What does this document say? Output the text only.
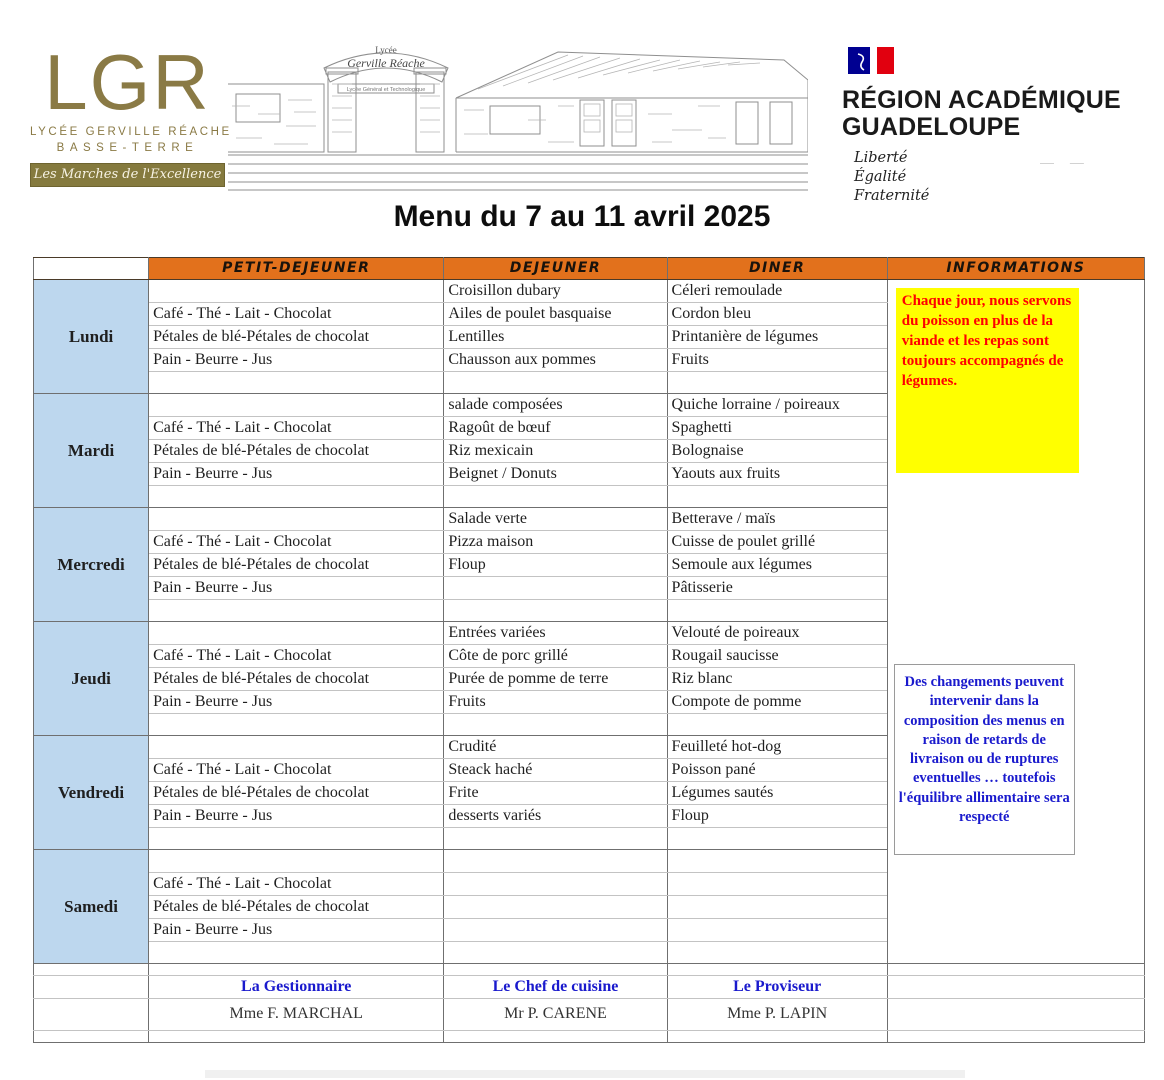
LGR
LYCÉE GERVILLE RÉACHE
BASSE-TERRE
Les Marches de l'Excellence
Lycée
Gerville Réache
Lycée Général et Technologique	RÉGION ACADÉMIQUE
GUADELOUPE
Liberté
Égalité
Fraternité
— —
Menu du 7 au 11 avril 2025
	PETIT-DEJEUNER	DEJEUNER	DINER	INFORMATIONS
Lundi		Croisillon dubary	Céleri remoulade	Chaque jour, nous servons du poisson en plus de la viande et les repas sont toujours accompagnés de légumes.
Des changements peuvent intervenir dans la composition des menus en raison de retards de livraison ou de ruptures eventuelles … toutefois l'équilibre allimentaire sera respecté

	Café - Thé - Lait - Chocolat	Ailes de poulet basquaise	Cordon bleu	
	Pétales de blé-Pétales de chocolat	Lentilles	Printanière de légumes	
	Pain - Beurre - Jus	Chausson aux pommes	Fruits	

Mardi		salade composées	Quiche lorraine / poireaux	
	Café - Thé - Lait - Chocolat	Ragoût de bœuf	Spaghetti	
	Pétales de blé-Pétales de chocolat	Riz mexicain	Bolognaise	
	Pain - Beurre - Jus	Beignet / Donuts	Yaouts aux fruits	

Mercredi		Salade verte	Betterave / maïs	
	Café - Thé - Lait - Chocolat	Pizza maison	Cuisse de poulet grillé	
	Pétales de blé-Pétales de chocolat	Floup	Semoule aux légumes	
	Pain - Beurre - Jus		Pâtisserie	

Jeudi		Entrées variées	Velouté de poireaux	
	Café - Thé - Lait - Chocolat	Côte de porc grillé	Rougail saucisse	
	Pétales de blé-Pétales de chocolat	Purée de pomme de terre	Riz blanc	
	Pain - Beurre - Jus	Fruits	Compote de pomme	

Vendredi		Crudité	Feuilleté hot-dog	
	Café - Thé - Lait - Chocolat	Steack haché	Poisson pané	
	Pétales de blé-Pétales de chocolat	Frite	Légumes sautés	
	Pain - Beurre - Jus	desserts variés	Floup	

Samedi				
	Café - Thé - Lait - Chocolat			
	Pétales de blé-Pétales de chocolat			
	Pain - Beurre - Jus			

	La Gestionnaire	Le Chef de cuisine	Le Proviseur	
	Mme F. MARCHAL	Mr P. CARENE	Mme P. LAPIN	
